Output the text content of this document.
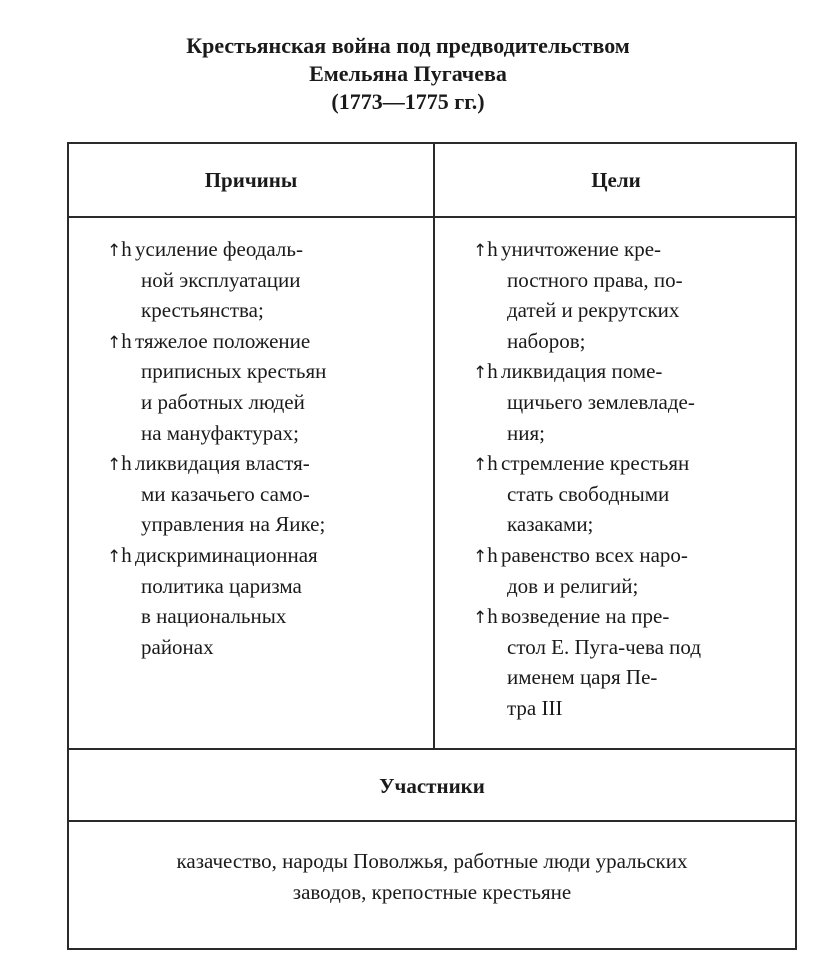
Крестьянская война под предводительством
Емельяна Пугачева
(1773—1775 гг.)
Причины	Цели
↑h усиление феодаль-
ной эксплуатации
крестьянства;
↑h тяжелое положение
приписных крестьян
и работных людей
на мануфактурах;
↑h ликвидация властя-
ми казачьего само-
управления на Яике;
↑h дискриминационная
политика царизма
в национальных
районах
↑h уничтожение кре-
постного права, по-
датей и рекрутских
наборов;
↑h ликвидация поме-
щичьего землевладе-
ния;
↑h стремление крестьян
стать свободными
казаками;
↑h равенство всех наро-
дов и религий;
↑h возведение на пре-
стол Е. Пуга-чева под
именем царя Пе-
тра III
Участники
казачество, народы Поволжья, работные люди уральских
заводов, крепостные крестьяне
